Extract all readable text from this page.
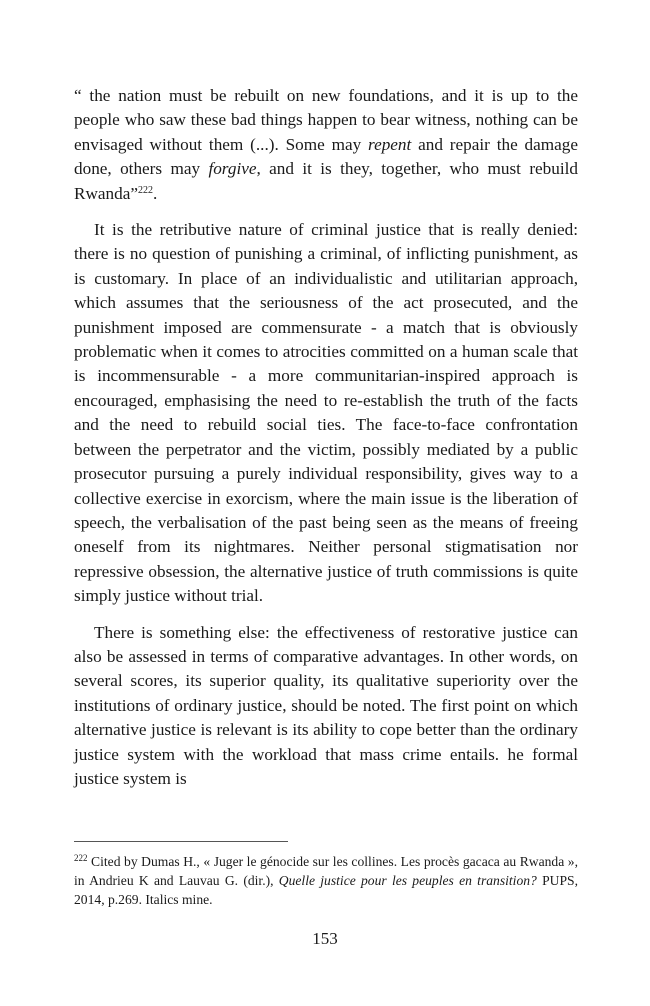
“ the nation must be rebuilt on new foundations, and it is up to the people who saw these bad things happen to bear witness, nothing can be envisaged without them (...). Some may repent and repair the damage done, others may forgive, and it is they, together, who must rebuild Rwanda”$^{222}$.

It is the retributive nature of criminal justice that is really denied: there is no question of punishing a criminal, of inflicting punishment, as is customary. In place of an individualistic and utilitarian approach, which assumes that the seriousness of the act prosecuted, and the punishment imposed are commensurate - a match that is obviously problematic when it comes to atrocities committed on a human scale that is incommensurable - a more communitarian-inspired approach is encouraged, emphasising the need to re-establish the truth of the facts and the need to rebuild social ties. The face-to-face confrontation between the perpetrator and the victim, possibly mediated by a public prosecutor pursuing a purely individual responsibility, gives way to a collective exercise in exorcism, where the main issue is the liberation of speech, the verbalisation of the past being seen as the means of freeing oneself from its nightmares. Neither personal stigmatisation nor repressive obsession, the alternative justice of truth commissions is quite simply justice without trial.

There is something else: the effectiveness of restorative justice can also be assessed in terms of comparative advantages. In other words, on several scores, its superior quality, its qualitative superiority over the institutions of ordinary justice, should be noted. The first point on which alternative justice is relevant is its ability to cope better than the ordinary justice system with the workload that mass crime entails. he formal justice system is

$^{222}$ Cited by Dumas H., « Juger le génocide sur les collines. Les procès gacaca au Rwanda », in Andrieu K and Lauvau G. (dir.), Quelle justice pour les peuples en transition? PUPS, 2014, p.269. Italics mine.

153
